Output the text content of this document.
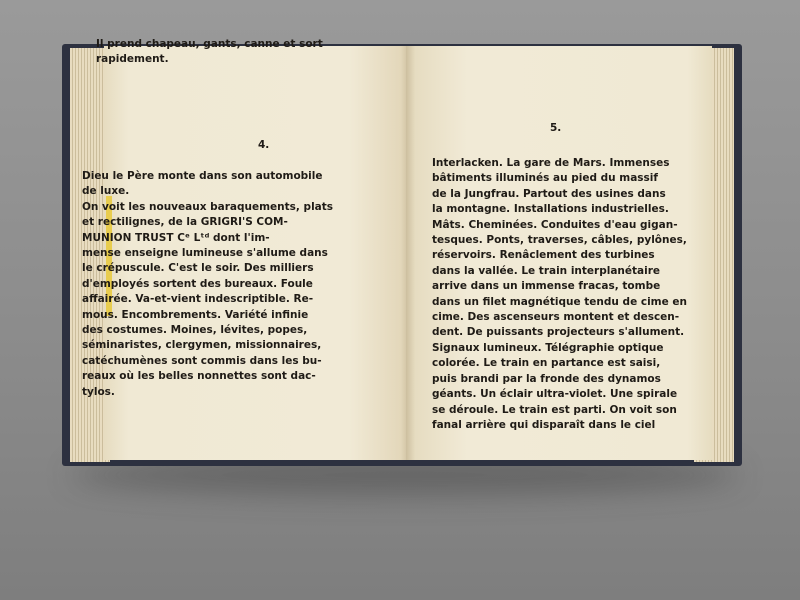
Il prend chapeau, gants, canne et sort
rapidement.
4.
Dieu le Père monte dans son automobile
de luxe.
On voit les nouveaux baraquements, plats
et rectilignes, de la GRIGRI'S COM-
MUNION TRUST Cᵉ Lᵗᵈ dont l'im-
mense enseigne lumineuse s'allume dans
le crépuscule. C'est le soir. Des milliers
d'employés sortent des bureaux. Foule
affairée. Va-et-vient indescriptible. Re-
mous. Encombrements. Variété infinie
des costumes. Moines, lévites, popes,
séminaristes, clergymen, missionnaires,
catéchumènes sont commis dans les bu-
reaux où les belles nonnettes sont dac-
tylos.
5.
Interlacken. La gare de Mars. Immenses
bâtiments illuminés au pied du massif
de la Jungfrau. Partout des usines dans
la montagne. Installations industrielles.
Mâts. Cheminées. Conduites d'eau gigan-
tesques. Ponts, traverses, câbles, pylônes,
réservoirs. Renâclement des turbines
dans la vallée. Le train interplanétaire
arrive dans un immense fracas, tombe
dans un filet magnétique tendu de cime en
cime. Des ascenseurs montent et descen-
dent. De puissants projecteurs s'allument.
Signaux lumineux. Télégraphie optique
colorée. Le train en partance est saisi,
puis brandi par la fronde des dynamos
géants. Un éclair ultra-violet. Une spirale
se déroule. Le train est parti. On voit son
fanal arrière qui disparaît dans le ciel
